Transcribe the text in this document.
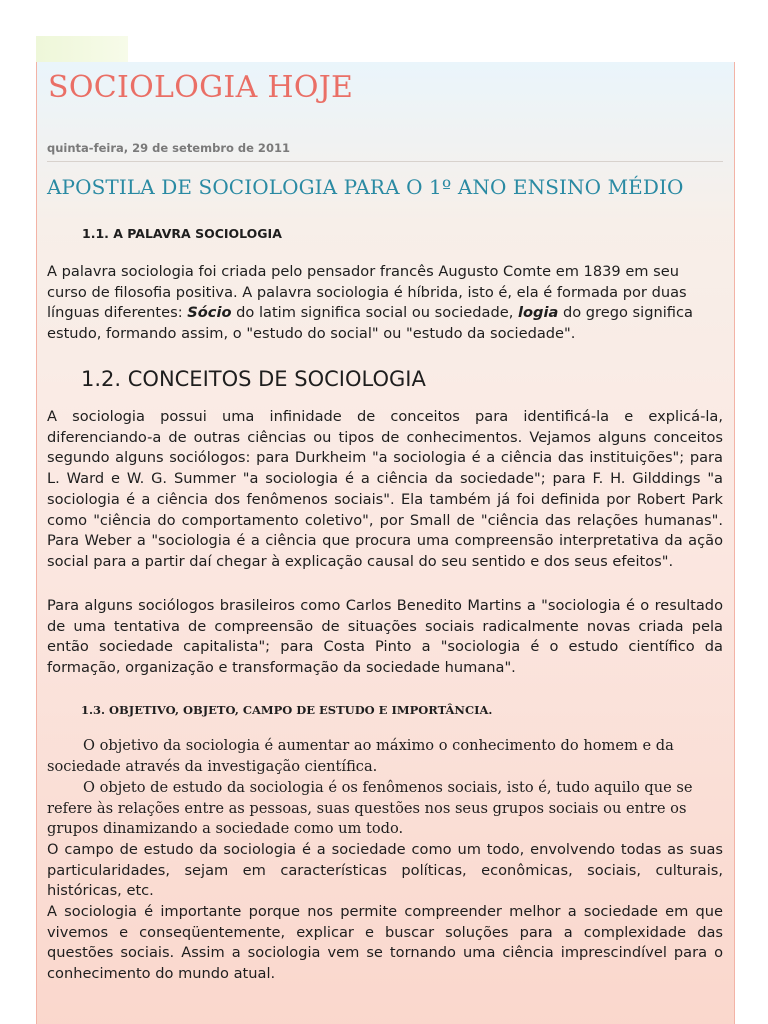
SOCIOLOGIA HOJE
quinta-feira, 29 de setembro de 2011
APOSTILA DE SOCIOLOGIA PARA O 1º ANO ENSINO MÉDIO
1.1. A PALAVRA SOCIOLOGIA

A palavra sociologia foi criada pelo pensador francês Augusto Comte em 1839 em seu curso de filosofia positiva. A palavra sociologia é híbrida, isto é, ela é formada por duas línguas diferentes: Sócio do latim significa social ou sociedade, logia do grego significa estudo, formando assim, o "estudo do social" ou "estudo da sociedade".

1.2. CONCEITOS DE SOCIOLOGIA

A sociologia possui uma infinidade de conceitos para identificá-la e explicá-la, diferenciando-a de outras ciências ou tipos de conhecimentos. Vejamos alguns conceitos segundo alguns sociólogos: para Durkheim "a sociologia é a ciência das instituições"; para L. Ward e W. G. Summer "a sociologia é a ciência da sociedade"; para F. H. Gilddings "a sociologia é a ciência dos fenômenos sociais". Ela também já foi definida por Robert Park como "ciência do comportamento coletivo", por Small de "ciência das relações humanas". Para Weber a "sociologia é a ciência que procura uma compreensão interpretativa da ação social para a partir daí chegar à explicação causal do seu sentido e dos seus efeitos".

Para alguns sociólogos brasileiros como Carlos Benedito Martins a "sociologia é o resultado de uma tentativa de compreensão de situações sociais radicalmente novas criada pela então sociedade capitalista"; para Costa Pinto a "sociologia é o estudo científico da formação, organização e transformação da sociedade humana".

1.3. OBJETIVO, OBJETO, CAMPO DE ESTUDO E IMPORTÂNCIA.

O objetivo da sociologia é aumentar ao máximo o conhecimento do homem e da sociedade através da investigação científica.

O objeto de estudo da sociologia é os fenômenos sociais, isto é, tudo aquilo que se refere às relações entre as pessoas, suas questões nos seus grupos sociais ou entre os grupos dinamizando a sociedade como um todo.

O campo de estudo da sociologia é a sociedade como um todo, envolvendo todas as suas particularidades, sejam em características políticas, econômicas, sociais, culturais, históricas, etc.

A sociologia é importante porque nos permite compreender melhor a sociedade em que vivemos e conseqüentemente, explicar e buscar soluções para a complexidade das questões sociais. Assim a sociologia vem se tornando uma ciência imprescindível para o conhecimento do mundo atual.
